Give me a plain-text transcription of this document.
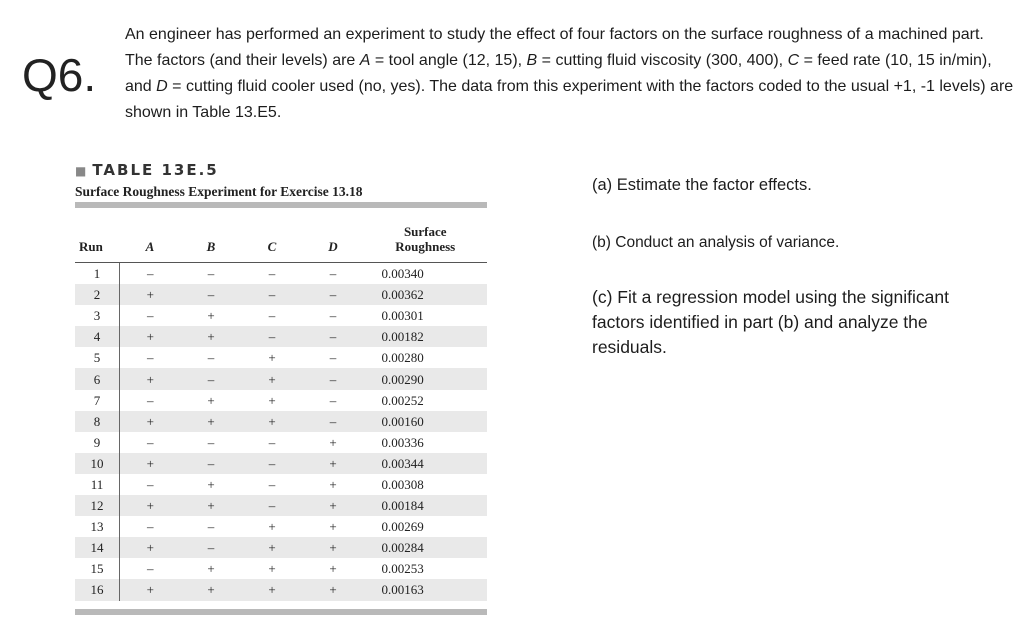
Q6.
An engineer has performed an experiment to study the effect of four factors on the surface roughness of a machined part. The factors (and their levels) are A = tool angle (12, 15), B = cutting fluid viscosity (300, 400), C = feed rate (10, 15 in/min), and D = cutting fluid cooler used (no, yes). The data from this experiment with the factors coded to the usual +1, -1 levels) are shown in Table 13.E5.
■ TABLE 13E.5
Surface Roughness Experiment for Exercise 13.18
Run	A	B	C	D	Surface
Roughness
1	–	–	–	–	0.00340
2	+	–	–	–	0.00362
3	–	+	–	–	0.00301
4	+	+	–	–	0.00182
5	–	–	+	–	0.00280
6	+	–	+	–	0.00290
7	–	+	+	–	0.00252
8	+	+	+	–	0.00160
9	–	–	–	+	0.00336
10	+	–	–	+	0.00344
11	–	+	–	+	0.00308
12	+	+	–	+	0.00184
13	–	–	+	+	0.00269
14	+	–	+	+	0.00284
15	–	+	+	+	0.00253
16	+	+	+	+	0.00163
(a) Estimate the factor effects.
(b) Conduct an analysis of variance.
(c) Fit a regression model using the significant factors identified in part (b) and analyze the residuals.
